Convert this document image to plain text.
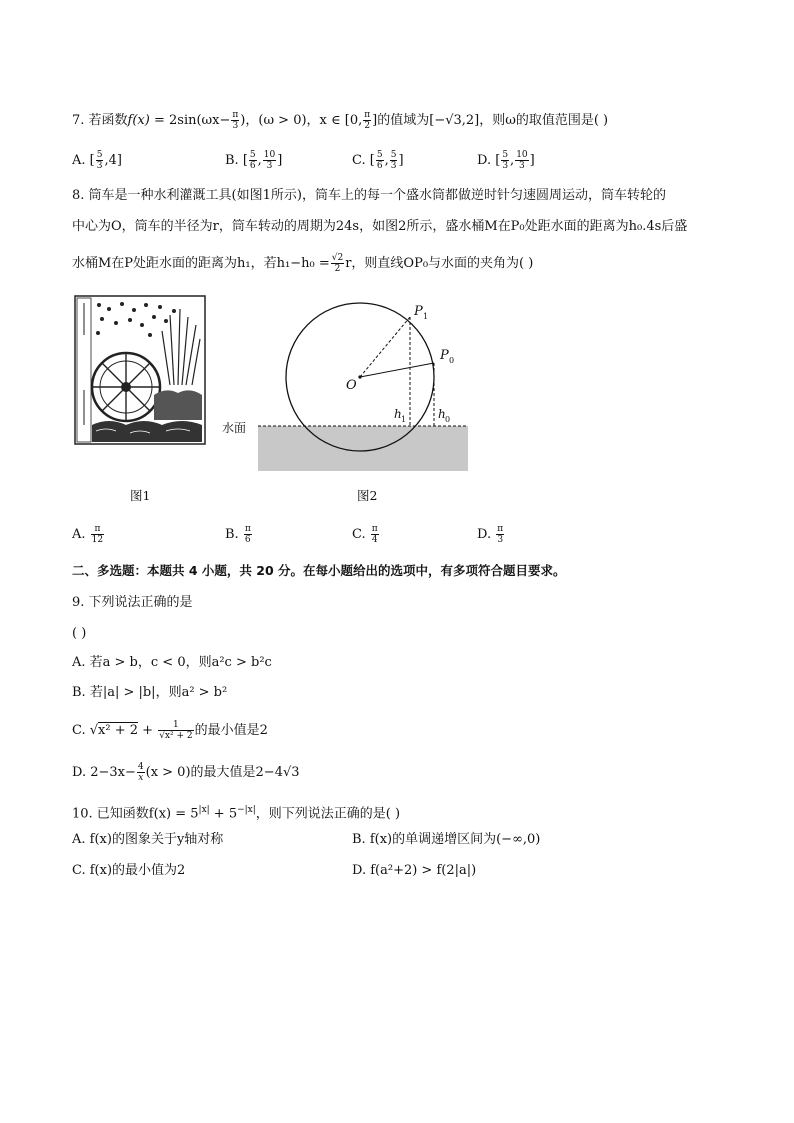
7. 若函数$f(x) = 2\sin(\omega x- \frac{\pi}{3}$ )，(ω > 0)，x ∈ [0, $\frac{\pi}{2}$ ]的值域为[−√3,2]，则ω的取值范围是( )
A. [ $\frac{5}{3} ,4$]	B. [ $\frac{5}{6}$ , $\frac{10}{3}$ ]	C. [ $\frac{5}{6}$ , $\frac{5}{3}$ ]	D. [ $\frac{5}{3}$ , $\frac{10}{3}$ ]
8. 筒车是一种水利灌溉工具(如图1所示)，筒车上的每一个盛水筒都做逆时针匀速圆周运动，筒车转轮的
中心为O，筒车的半径为r，筒车转动的周期为24s，如图2所示，盛水桶M在P₀处距水面的距离为h₀.4s后盛
水桶M在P处距水面的距离为h₁，若$h_1-h_0 = \frac{√2}{2}$ r，则直线OP₀与水面的夹角为( )
图1
O
P 1
P 0
h 1	h 0
水面
图2
A. $\frac{\pi}{12}$	B. $\frac{\pi}{6}$	C. $\frac{\pi}{4}$	D. $\frac{\pi}{3}$
二、多选题：本题共 4 小题，共 20 分。在每小题给出的选项中，有多项符合题目要求。
9. 下列说法正确的是
( )
A. 若a > b，c < 0，则a²c > b²c
B. 若|a| > |b|，则a² > b²
C. $√x^2 + 2 + \frac{1}{\text{√x² + 2}}$ 的最小值是2
D. $2-3x- \frac{4}{x} (x > 0)$的最大值是2−4√3
10. 已知函数$f(x) = 5^{|x|} + 5^{-|x|}$，则下列说法正确的是( )
A. f(x)的图象关于y轴对称	B. f(x)的单调递增区间为(−∞,0)
C. f(x)的最小值为2	D. f(a²+2) > f(2|a|)
